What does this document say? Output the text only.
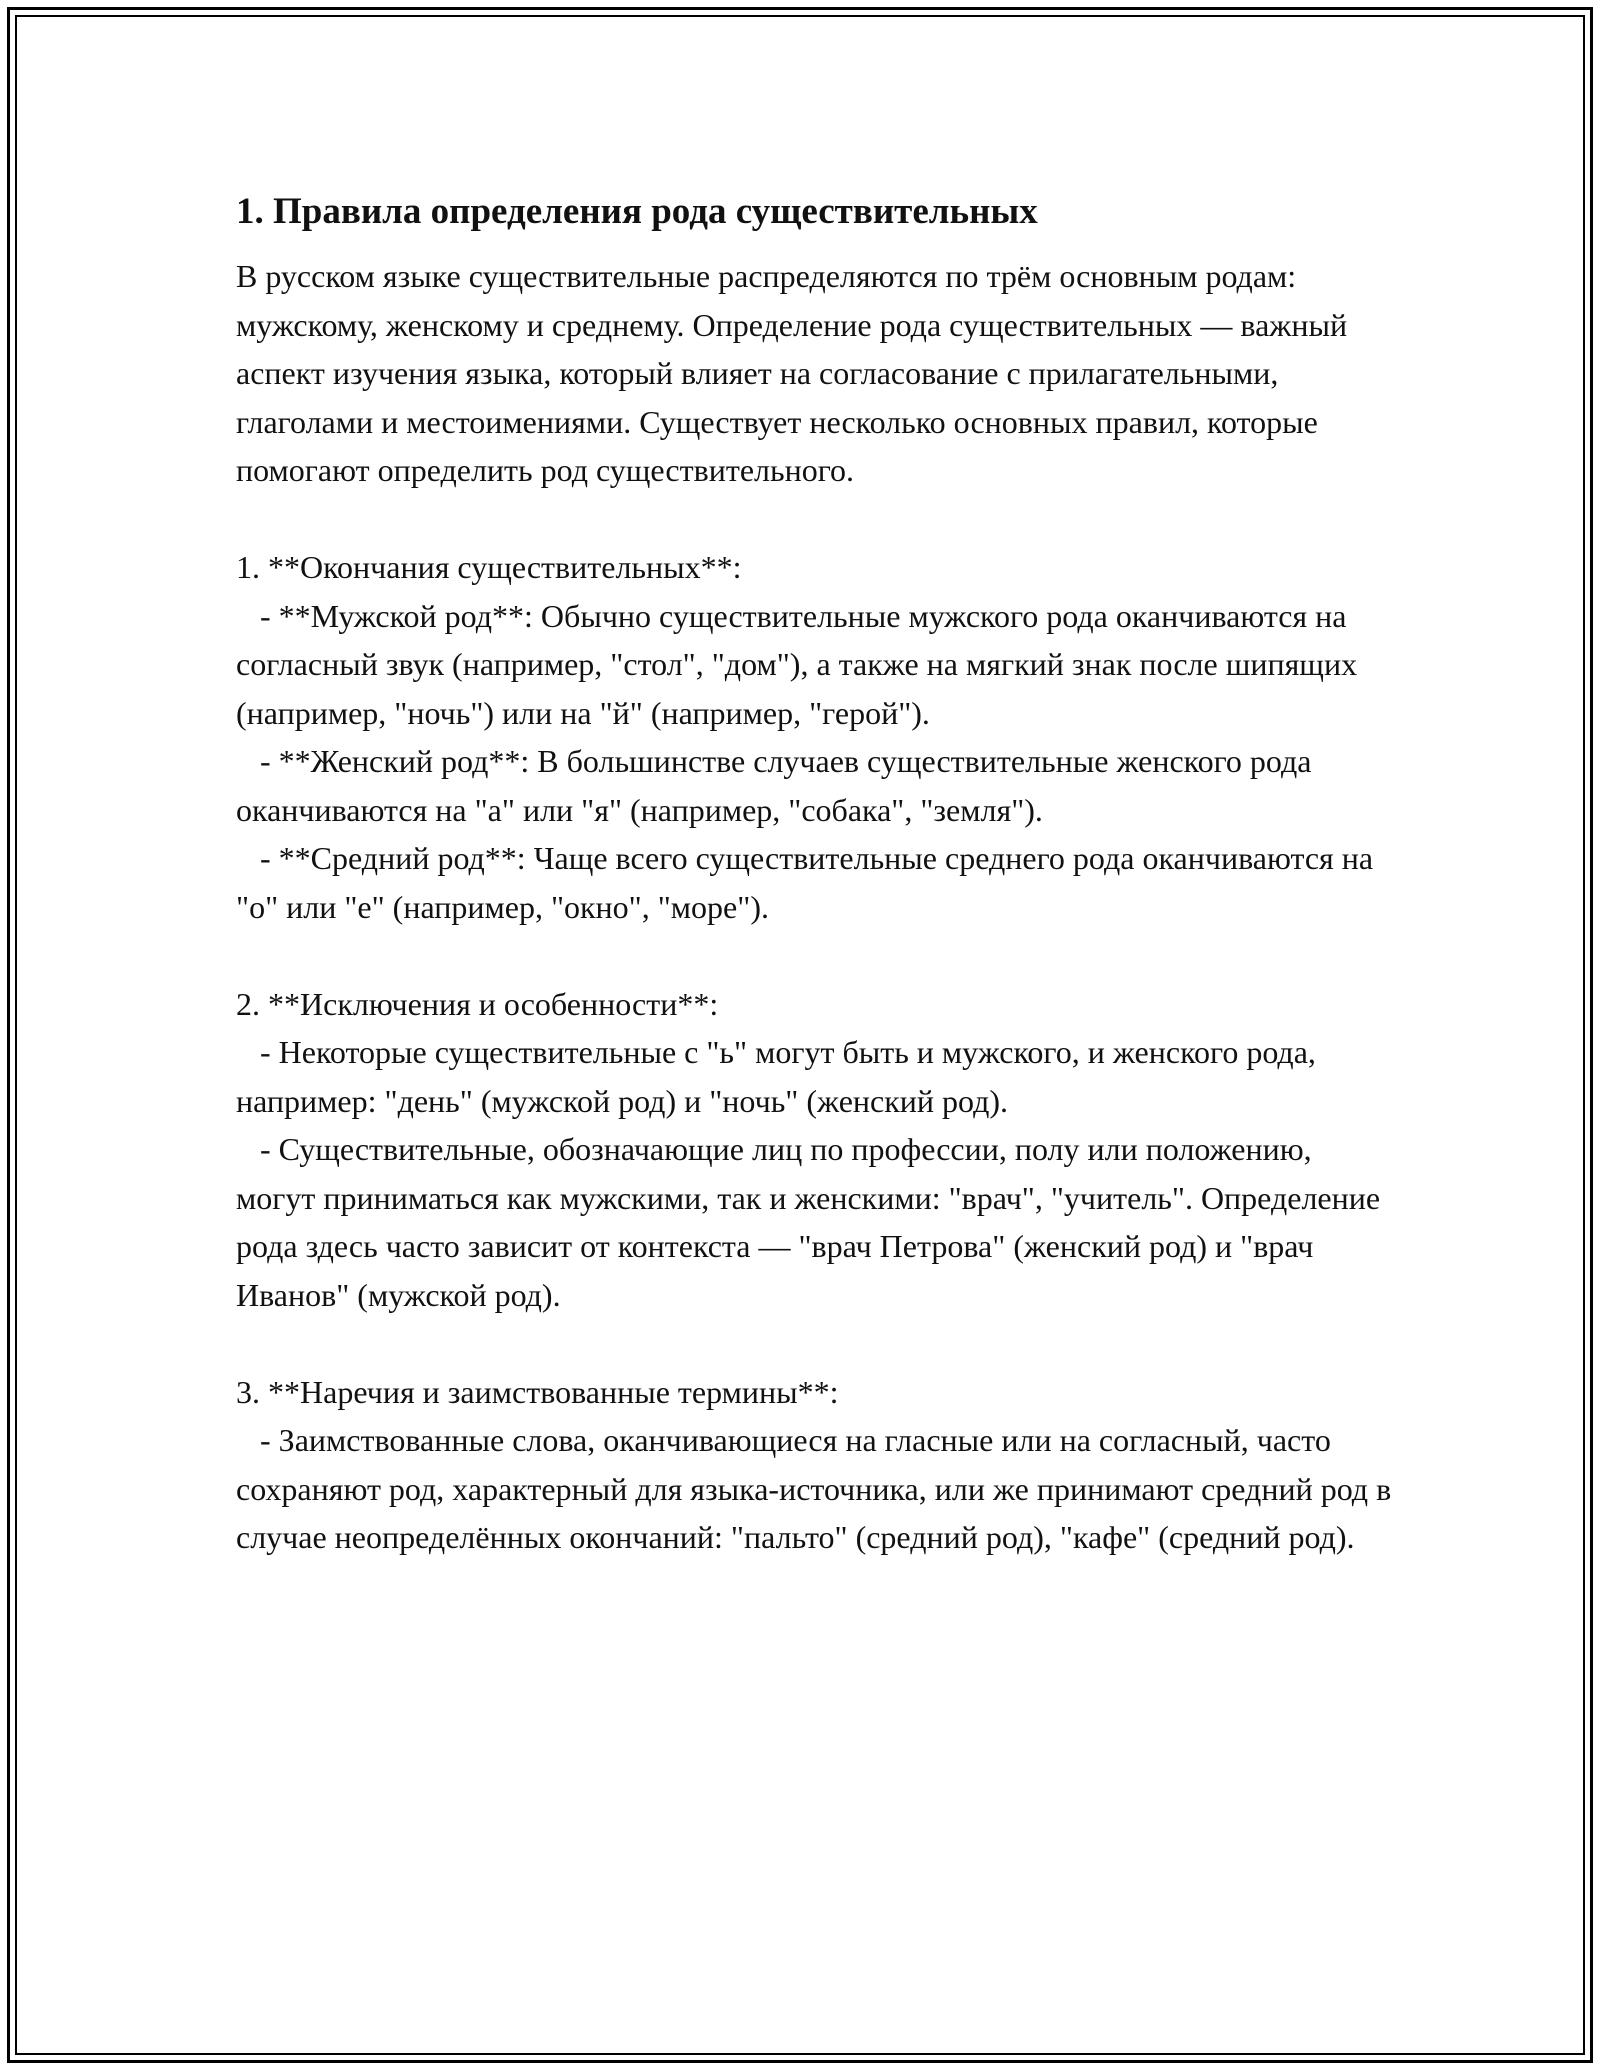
1. Правила определения рода существительных

В русском языке существительные распределяются по трём основным родам: мужскому, женскому и среднему. Определение рода существительных — важный аспект изучения языка, который влияет на согласование с прилагательными, глаголами и местоимениями. Существует несколько основных правил, которые помогают определить род существительного.

1. **Окончания существительных**:

- **Мужской род**: Обычно существительные мужского рода оканчиваются на согласный звук (например, "стол", "дом"), а также на мягкий знак после шипящих (например, "ночь") или на "й" (например, "герой").

- **Женский род**: В большинстве случаев существительные женского рода оканчиваются на "а" или "я" (например, "собака", "земля").

- **Средний род**: Чаще всего существительные среднего рода оканчиваются на "о" или "е" (например, "окно", "море").

2. **Исключения и особенности**:

- Некоторые существительные с "ь" могут быть и мужского, и женского рода, например: "день" (мужской род) и "ночь" (женский род).

- Существительные, обозначающие лиц по профессии, полу или положению, могут приниматься как мужскими, так и женскими: "врач", "учитель". Определение рода здесь часто зависит от контекста — "врач Петрова" (женский род) и "врач Иванов" (мужской род).

3. **Наречия и заимствованные термины**:

- Заимствованные слова, оканчивающиеся на гласные или на согласный, часто сохраняют род, характерный для языка-источника, или же принимают средний род в случае неопределённых окончаний: "пальто" (средний род), "кафе" (средний род).
